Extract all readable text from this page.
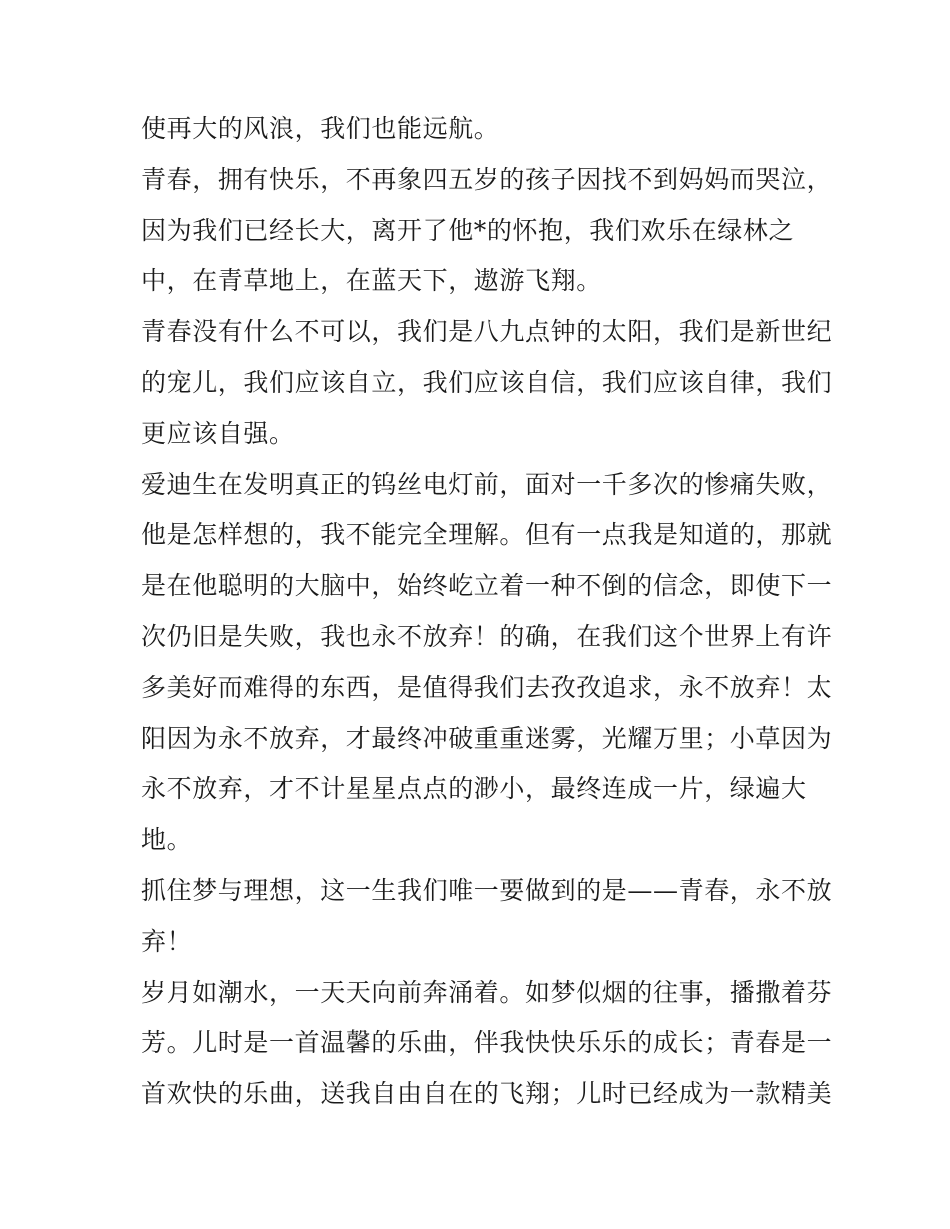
使再大的风浪，我们也能远航。
青春，拥有快乐，不再象四五岁的孩子因找不到妈妈而哭泣，
因为我们已经长大，离开了他*的怀抱，我们欢乐在绿林之
中，在青草地上，在蓝天下，遨游飞翔。
青春没有什么不可以，我们是八九点钟的太阳，我们是新世纪
的宠儿，我们应该自立，我们应该自信，我们应该自律，我们
更应该自强。
爱迪生在发明真正的钨丝电灯前，面对一千多次的惨痛失败，
他是怎样想的，我不能完全理解。但有一点我是知道的，那就
是在他聪明的大脑中，始终屹立着一种不倒的信念，即使下一
次仍旧是失败，我也永不放弃！的确，在我们这个世界上有许
多美好而难得的东西，是值得我们去孜孜追求，永不放弃！太
阳因为永不放弃，才最终冲破重重迷雾，光耀万里；小草因为
永不放弃，才不计星星点点的渺小，最终连成一片，绿遍大
地。
抓住梦与理想，这一生我们唯一要做到的是——青春，永不放
弃！
岁月如潮水，一天天向前奔涌着。如梦似烟的往事，播撒着芬
芳。儿时是一首温馨的乐曲，伴我快快乐乐的成长；青春是一
首欢快的乐曲，送我自由自在的飞翔；儿时已经成为一款精美
